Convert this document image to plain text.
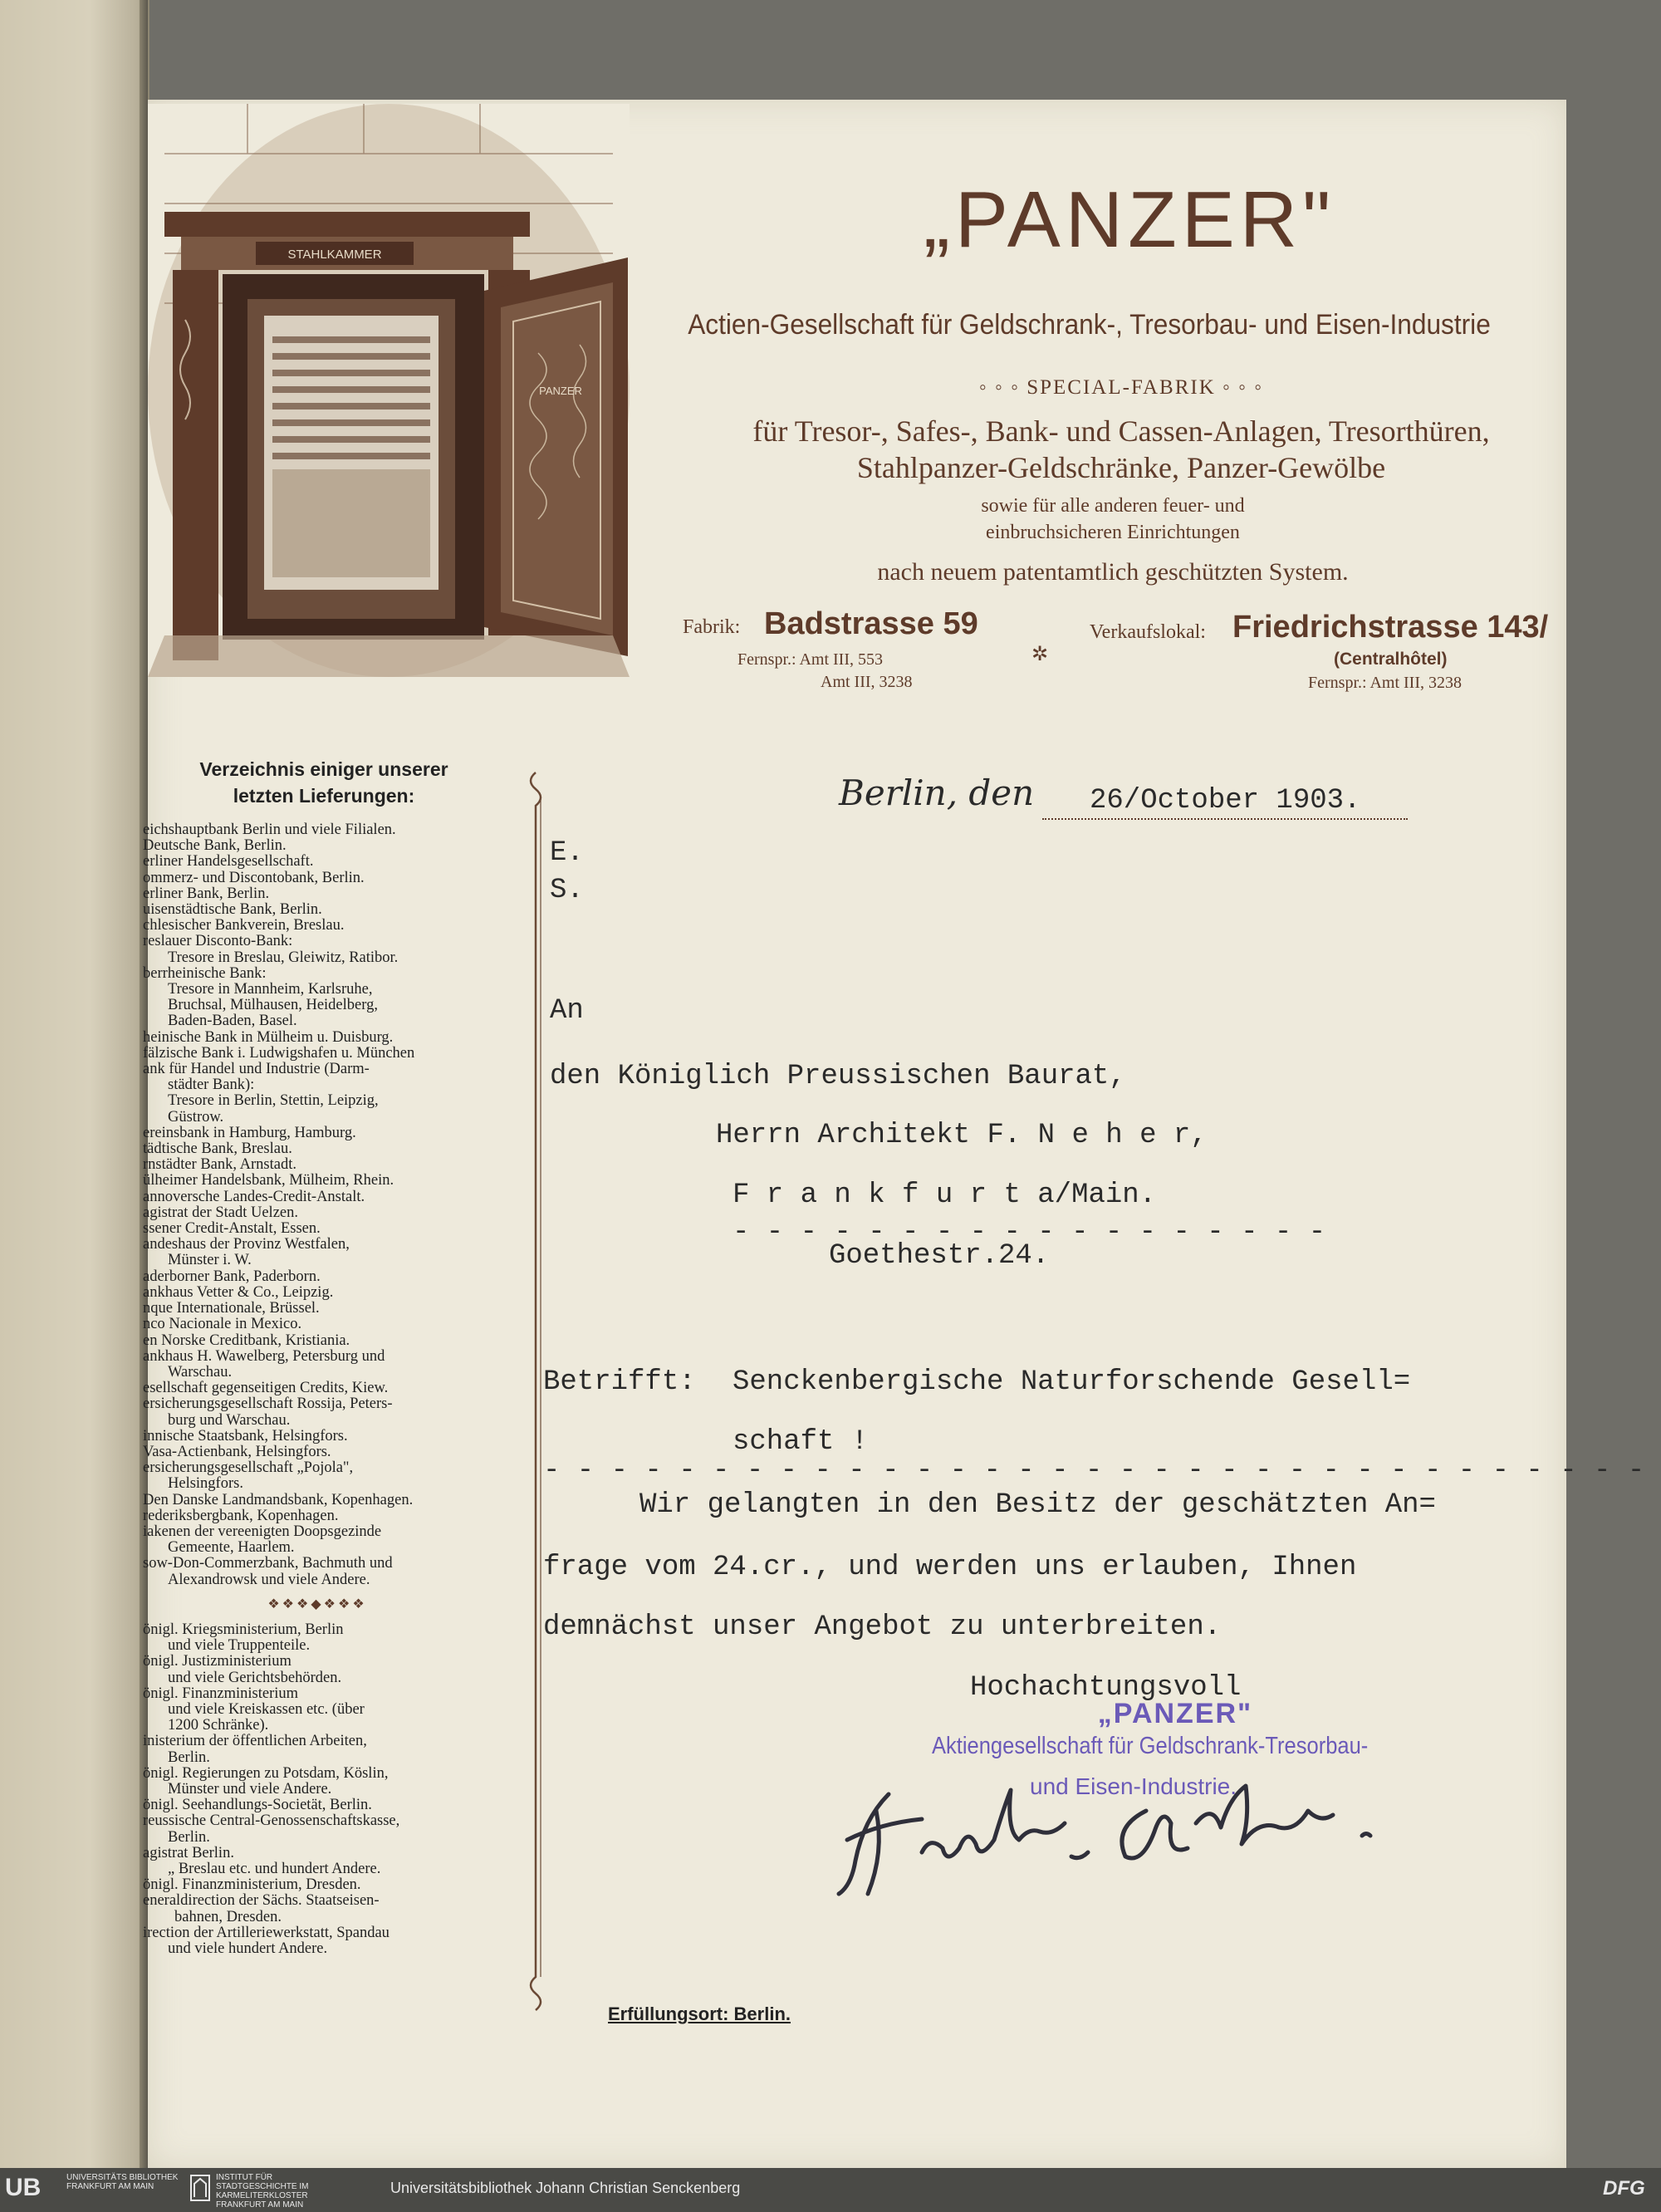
STAHLKAMMER
PANZER
„PANZER"
Actien-Gesellschaft für Geldschrank-, Tresorbau- und Eisen-Industrie
◦ ◦ ◦ SPECIAL-FABRIK ◦ ◦ ◦
für Tresor-, Safes-, Bank- und Cassen-Anlagen, Tresorthüren,
Stahlpanzer-Geldschränke, Panzer-Gewölbe
sowie für alle anderen feuer- und
einbruchsicheren Einrichtungen
nach neuem patentamtlich geschützten System.
Fabrik: Badstrasse 59
Fernspr.: Amt III, 553
Amt III, 3238
✲
Verkaufslokal: Friedrichstrasse 143/
(Centralhôtel)
Fernspr.: Amt III, 3238
Verzeichnis einiger unserer
letzten Lieferungen:
eichshauptbank Berlin und viele Filialen.
Deutsche Bank, Berlin.
erliner Handelsgesellschaft.
ommerz- und Discontobank, Berlin.
erliner Bank, Berlin.
uisenstädtische Bank, Berlin.
chlesischer Bankverein, Breslau.
reslauer Disconto-Bank:
Tresore in Breslau, Gleiwitz, Ratibor.
berrheinische Bank:
Tresore in Mannheim, Karlsruhe,
Bruchsal, Mülhausen, Heidelberg,
Baden-Baden, Basel.
heinische Bank in Mülheim u. Duisburg.
fälzische Bank i. Ludwigshafen u. München
ank für Handel und Industrie (Darm-
städter Bank):
Tresore in Berlin, Stettin, Leipzig,
Güstrow.
ereinsbank in Hamburg, Hamburg.
tädtische Bank, Breslau.
rnstädter Bank, Arnstadt.
ülheimer Handelsbank, Mülheim, Rhein.
annoversche Landes-Credit-Anstalt.
agistrat der Stadt Uelzen.
ssener Credit-Anstalt, Essen.
andeshaus der Provinz Westfalen,
Münster i. W.
aderborner Bank, Paderborn.
ankhaus Vetter & Co., Leipzig.
nque Internationale, Brüssel.
nco Nacionale in Mexico.
en Norske Creditbank, Kristiania.
ankhaus H. Wawelberg, Petersburg und
Warschau.
esellschaft gegenseitigen Credits, Kiew.
ersicherungsgesellschaft Rossija, Peters-
burg und Warschau.
innische Staatsbank, Helsingfors.
Vasa-Actienbank, Helsingfors.
ersicherungsgesellschaft „Pojola",
Helsingfors.
Den Danske Landmandsbank, Kopenhagen.
rederiksbergbank, Kopenhagen.
iakenen der vereenigten Doopsgezinde
Gemeente, Haarlem.
sow-Don-Commerzbank, Bachmuth und
Alexandrowsk und viele Andere.
❖❖❖◆❖❖❖
önigl. Kriegsministerium, Berlin
und viele Truppenteile.
önigl. Justizministerium
und viele Gerichtsbehörden.
önigl. Finanzministerium
und viele Kreiskassen etc. (über
1200 Schränke).
inisterium der öffentlichen Arbeiten,
Berlin.
önigl. Regierungen zu Potsdam, Köslin,
Münster und viele Andere.
önigl. Seehandlungs-Societät, Berlin.
reussische Central-Genossenschaftskasse,
Berlin.
agistrat Berlin.
„ Breslau etc. und hundert Andere.
önigl. Finanzministerium, Dresden.
eneraldirection der Sächs. Staatseisen-
bahnen, Dresden.
irection der Artilleriewerkstatt, Spandau
und viele hundert Andere.
Berlin, den 26/October 1903.
E.
S.
An
den Königlich Preussischen Baurat,
Herrn Architekt F. N e h e r,
F r a n k f u r t a/Main.
- - - - - - - - - - - - - - - - - -
Goethestr.24.
Betrifft: Senckenbergische Naturforschende Gesell=
schaft !
- - - - - - - - - - - - - - - - - - - - - - - - - - - - - - - - -
Wir gelangten in den Besitz der geschätzten An=
frage vom 24.cr., und werden uns erlauben, Ihnen
demnächst unser Angebot zu unterbreiten.
Hochachtungsvoll
„PANZER"
Aktiengesellschaft für Geldschrank-Tresorbau-
und Eisen-Industrie.
Erfüllungsort: Berlin.
UB	UNIVERSITÄTS BIBLIOTHEK FRANKFURT AM MAIN
INSTITUT FÜR STADTGESCHICHTE IM KARMELITERKLOSTER FRANKFURT AM MAIN
Universitätsbibliothek Johann Christian Senckenberg	DFG
